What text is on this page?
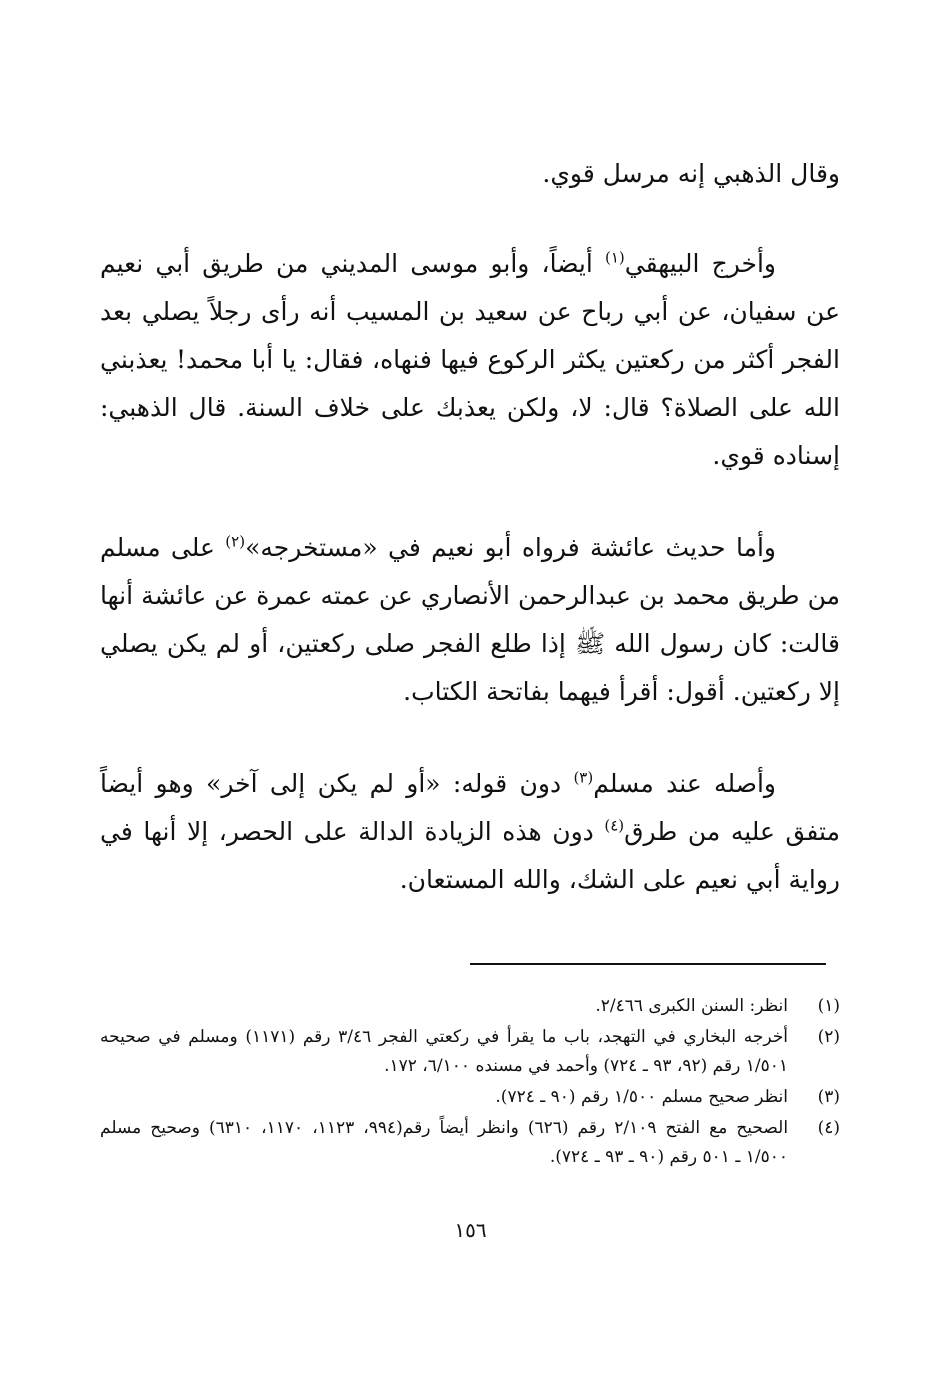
وقال الذهبي إنه مرسل قوي.

وأخرج البيهقي$^{(١)}$ أيضاً، وأبو موسى المديني من طريق أبي نعيم عن سفيان، عن أبي رباح عن سعيد بن المسيب أنه رأى رجلاً يصلي بعد الفجر أكثر من ركعتين يكثر الركوع فيها فنهاه، فقال: يا أبا محمد! يعذبني الله على الصلاة؟ قال: لا، ولكن يعذبك على خلاف السنة. قال الذهبي: إسناده قوي.

وأما حديث عائشة فرواه أبو نعيم في «مستخرجه»$^{(٢)}$ على مسلم من طريق محمد بن عبدالرحمن الأنصاري عن عمته عمرة عن عائشة أنها قالت: كان رسول الله ﷺ إذا طلع الفجر صلى ركعتين، أو لم يكن يصلي إلا ركعتين. أقول: أقرأ فيهما بفاتحة الكتاب.

وأصله عند مسلم$^{(٣)}$ دون قوله: «أو لم يكن إلى آخر» وهو أيضاً متفق عليه من طرق$^{(٤)}$ دون هذه الزيادة الدالة على الحصر، إلا أنها في رواية أبي نعيم على الشك، والله المستعان.

(١)
انظر: السنن الكبرى ٢/٤٦٦.
(٢)
أخرجه البخاري في التهجد، باب ما يقرأ في ركعتي الفجر ٣/٤٦ رقم (١١٧١) ومسلم في صحيحه ١/٥٠١ رقم (٩٢، ٩٣ ـ ٧٢٤) وأحمد في مسنده ٦/١٠٠، ١٧٢.
(٣)
انظر صحيح مسلم ١/٥٠٠ رقم (٩٠ ـ ٧٢٤).
(٤)
الصحيح مع الفتح ٢/١٠٩ رقم (٦٢٦) وانظر أيضاً رقم(٩٩٤، ١١٢٣، ١١٧٠، ٦٣١٠) وصحيح مسلم ١/٥٠٠ ـ ٥٠١ رقم (٩٠ ـ ٩٣ ـ ٧٢٤).
١٥٦
